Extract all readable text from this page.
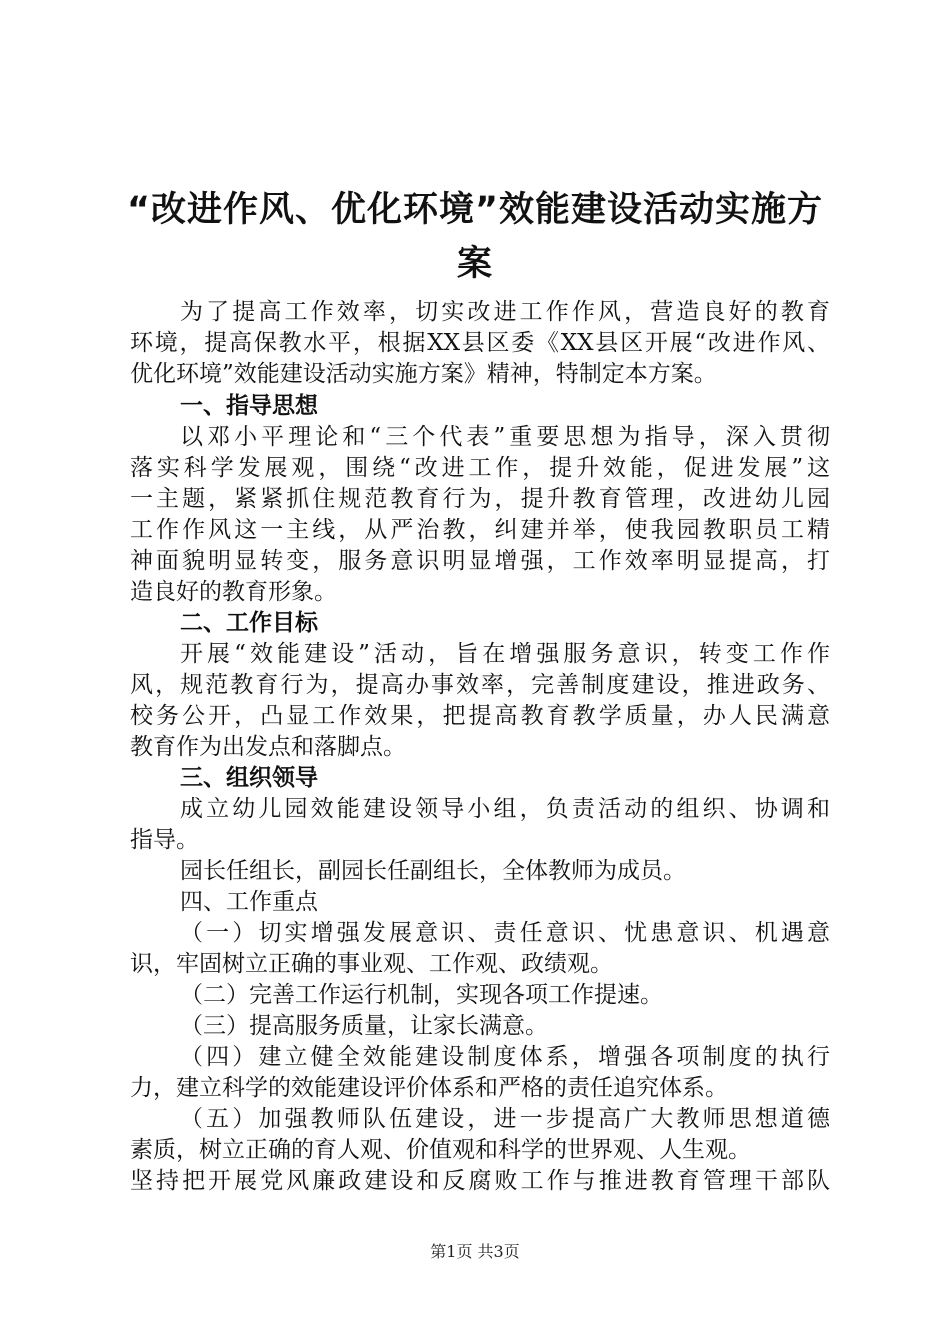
“改进作风、优化环境”效能建设活动实施方
案
为了提高工作效率，切实改进工作作风，营造良好的教育
环境，提高保教水平，根据XX县区委《XX县区开展“改进作风、
优化环境”效能建设活动实施方案》精神，特制定本方案。
一、指导思想
以邓小平理论和“三个代表”重要思想为指导，深入贯彻
落实科学发展观，围绕“改进工作，提升效能，促进发展”这
一主题，紧紧抓住规范教育行为，提升教育管理，改进幼儿园
工作作风这一主线，从严治教，纠建并举，使我园教职员工精
神面貌明显转变，服务意识明显增强，工作效率明显提高，打
造良好的教育形象。
二、工作目标
开展“效能建设”活动，旨在增强服务意识，转变工作作
风，规范教育行为，提高办事效率，完善制度建设，推进政务、
校务公开，凸显工作效果，把提高教育教学质量，办人民满意
教育作为出发点和落脚点。
三、组织领导
成立幼儿园效能建设领导小组，负责活动的组织、协调和
指导。
园长任组长，副园长任副组长，全体教师为成员。
四、工作重点
（一）切实增强发展意识、责任意识、忧患意识、机遇意
识，牢固树立正确的事业观、工作观、政绩观。
（二）完善工作运行机制，实现各项工作提速。
（三）提高服务质量，让家长满意。
（四）建立健全效能建设制度体系，增强各项制度的执行
力，建立科学的效能建设评价体系和严格的责任追究体系。
（五）加强教师队伍建设，进一步提高广大教师思想道德
素质，树立正确的育人观、价值观和科学的世界观、人生观。
坚持把开展党风廉政建设和反腐败工作与推进教育管理干部队
第1页 共3页
